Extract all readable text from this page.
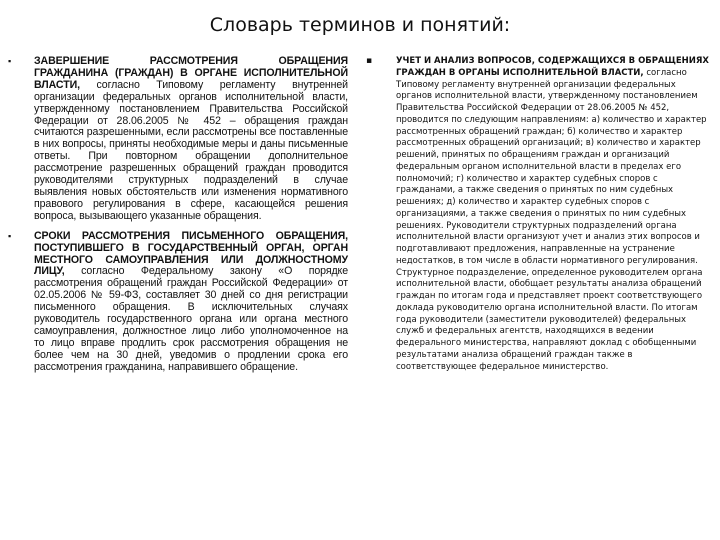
Словарь терминов и понятий:
▪ ЗАВЕРШЕНИЕ РАССМОТРЕНИЯ ОБРАЩЕНИЯ ГРАЖДАНИНА (ГРАЖДАН) В ОРГАНЕ ИСПОЛНИТЕЛЬНОЙ ВЛАСТИ, согласно Типовому регламенту внутренней организации федеральных органов исполнительной власти, утвержденному постановлением Правительства Российской Федерации от 28.06.2005 № 452 – обращения граждан считаются разрешенными, если рассмотрены все поставленные в них вопросы, приняты необходимые меры и даны письменные ответы. При повторном обращении дополнительное рассмотрение разрешенных обращений граждан проводится руководителями структурных подразделений в случае выявления новых обстоятельств или изменения нормативного правового регулирования в сфере, касающейся решения вопроса, вызывающего указанные обращения.
▪ СРОКИ РАССМОТРЕНИЯ ПИСЬМЕННОГО ОБРАЩЕНИЯ, ПОСТУПИВШЕГО В ГОСУДАРСТВЕННЫЙ ОРГАН, ОРГАН МЕСТНОГО САМОУПРАВЛЕНИЯ ИЛИ ДОЛЖНОСТНОМУ ЛИЦУ, согласно Федеральному закону «О порядке рассмотрения обращений граждан Российской Федерации» от 02.05.2006 № 59-ФЗ, составляет 30 дней со дня регистрации письменного обращения. В исключительных случаях руководитель государственного органа или органа местного самоуправления, должностное лицо либо уполномоченное на то лицо вправе продлить срок рассмотрения обращения не более чем на 30 дней, уведомив о продлении срока его рассмотрения гражданина, направившего обращение.
▪	УЧЕТ И АНАЛИЗ ВОПРОСОВ, СОДЕРЖАЩИХСЯ В ОБРАЩЕНИЯХ ГРАЖДАН В ОРГАНЫ ИСПОЛНИТЕЛЬНОЙ ВЛАСТИ, согласно Типовому регламенту внутренней организации федеральных органов исполнительной власти, утвержденному постановлением Правительства Российской Федерации от 28.06.2005 № 452, проводится по следующим направлениям: а) количество и характер рассмотренных обращений граждан; б) количество и характер рассмотренных обращений организаций; в) количество и характер решений, принятых по обращениям граждан и организаций федеральным органом исполнительной власти в пределах его полномочий; г) количество и характер судебных споров с гражданами, а также сведения о принятых по ним судебных решениях; д) количество и характер судебных споров с организациями, а также сведения о принятых по ним судебных решениях. Руководители структурных подразделений органа исполнительной власти организуют учет и анализ этих вопросов и подготавливают предложения, направленные на устранение недостатков, в том числе в области нормативного регулирования. Структурное подразделение, определенное руководителем органа исполнительной власти, обобщает результаты анализа обращений граждан по итогам года и представляет проект соответствующего доклада руководителю органа исполнительной власти. По итогам года руководители (заместители руководителей) федеральных служб и федеральных агентств, находящихся в ведении федерального министерства, направляют доклад с обобщенными результатами анализа обращений граждан также в соответствующее федеральное министерство.
